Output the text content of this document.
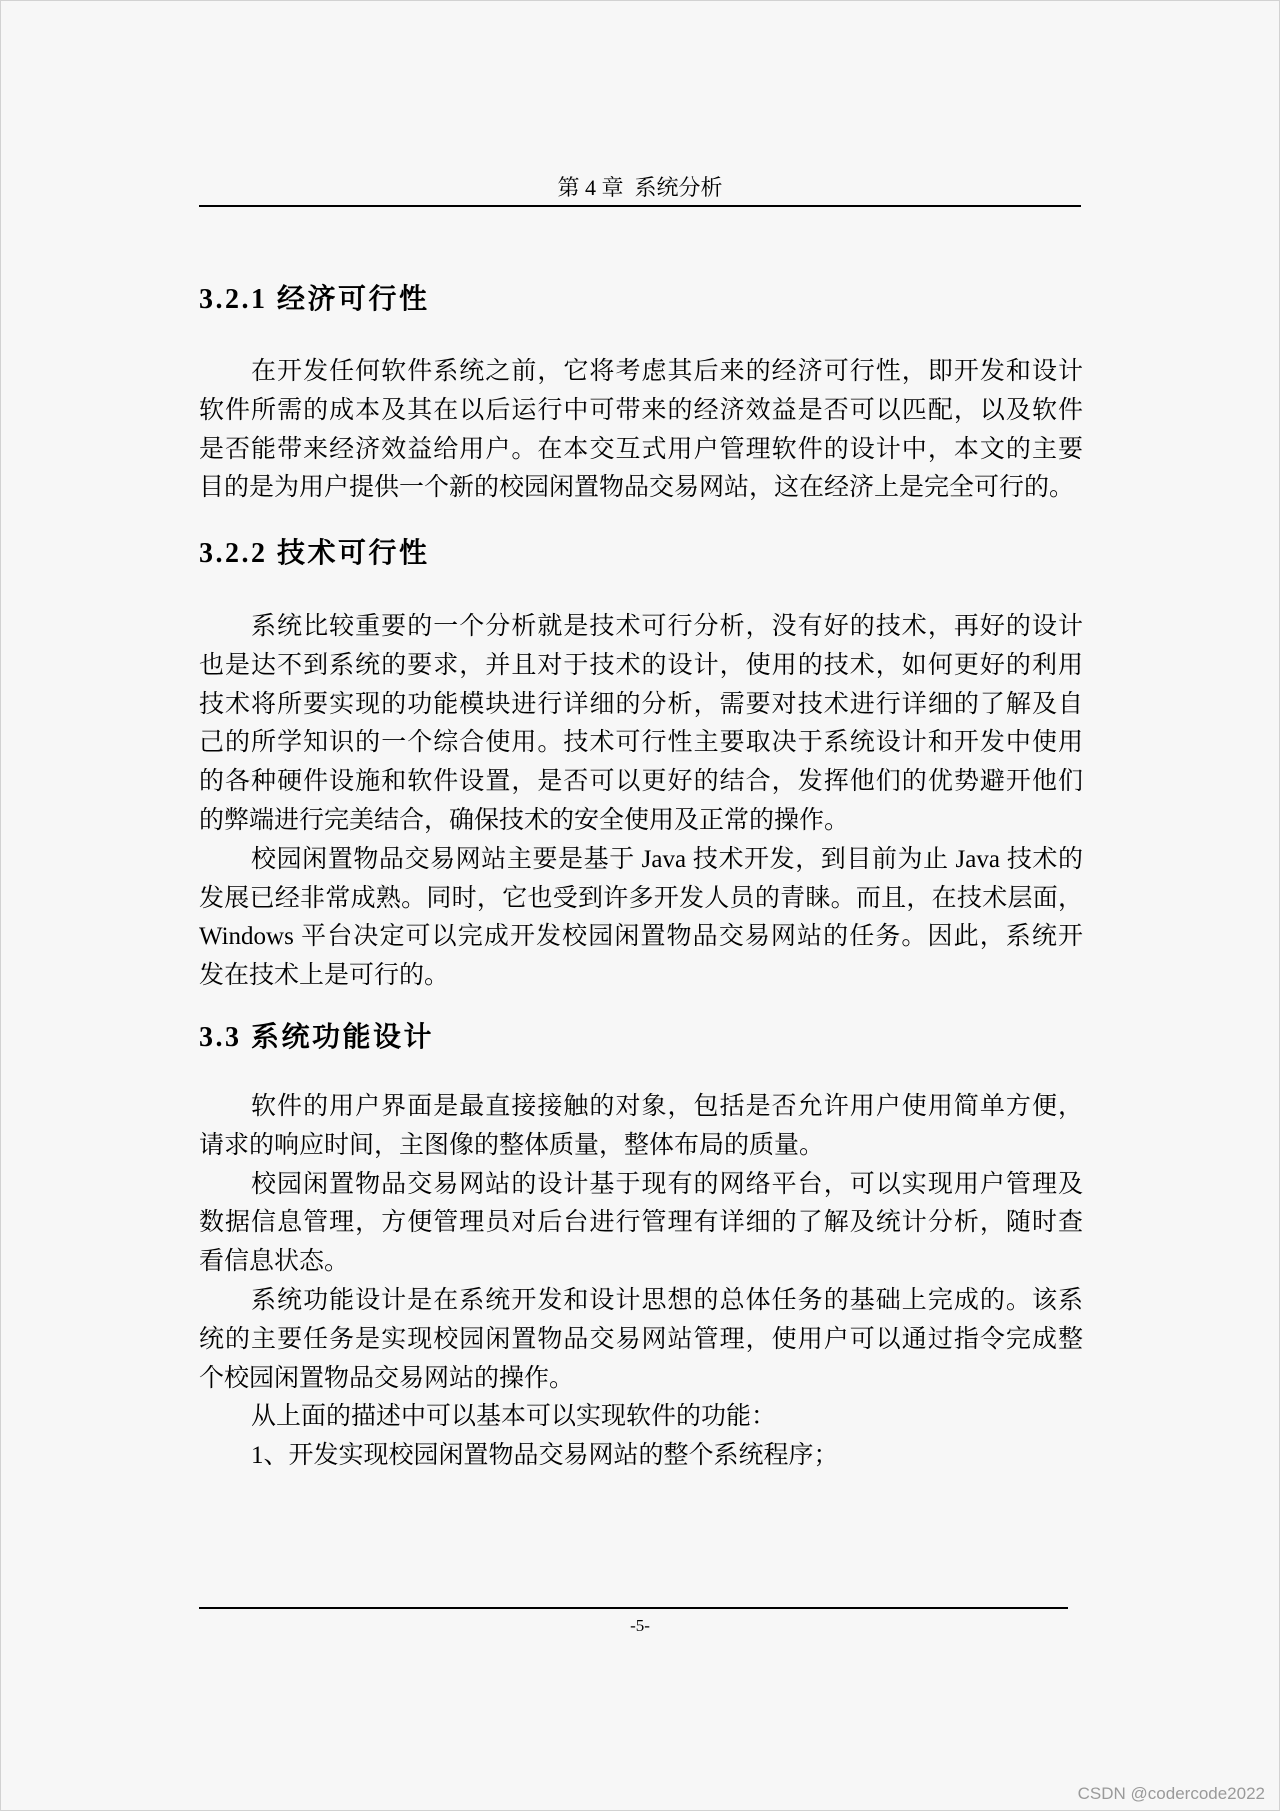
第 4 章  系统分析
3.2.1 经济可行性
在开发任何软件系统之前，它将考虑其后来的经济可行性，即开发和设计
软件所需的成本及其在以后运行中可带来的经济效益是否可以匹配，以及软件
是否能带来经济效益给用户。在本交互式用户管理软件的设计中，本文的主要
目的是为用户提供一个新的校园闲置物品交易网站，这在经济上是完全可行的。
3.2.2 技术可行性
系统比较重要的一个分析就是技术可行分析，没有好的技术，再好的设计
也是达不到系统的要求，并且对于技术的设计，使用的技术，如何更好的利用
技术将所要实现的功能模块进行详细的分析，需要对技术进行详细的了解及自
己的所学知识的一个综合使用。技术可行性主要取决于系统设计和开发中使用
的各种硬件设施和软件设置，是否可以更好的结合，发挥他们的优势避开他们
的弊端进行完美结合，确保技术的安全使用及正常的操作。
校园闲置物品交易网站主要是基于 Java 技术开发，到目前为止 Java 技术的
发展已经非常成熟。同时，它也受到许多开发人员的青睐。而且，在技术层面，
Windows 平台决定可以完成开发校园闲置物品交易网站的任务。因此，系统开
发在技术上是可行的。
3.3 系统功能设计
软件的用户界面是最直接接触的对象，包括是否允许用户使用简单方便，
请求的响应时间，主图像的整体质量，整体布局的质量。
校园闲置物品交易网站的设计基于现有的网络平台，可以实现用户管理及
数据信息管理，方便管理员对后台进行管理有详细的了解及统计分析，随时查
看信息状态。
系统功能设计是在系统开发和设计思想的总体任务的基础上完成的。该系
统的主要任务是实现校园闲置物品交易网站管理，使用户可以通过指令完成整
个校园闲置物品交易网站的操作。
从上面的描述中可以基本可以实现软件的功能：
1、开发实现校园闲置物品交易网站的整个系统程序；
-5-
CSDN @codercode2022
